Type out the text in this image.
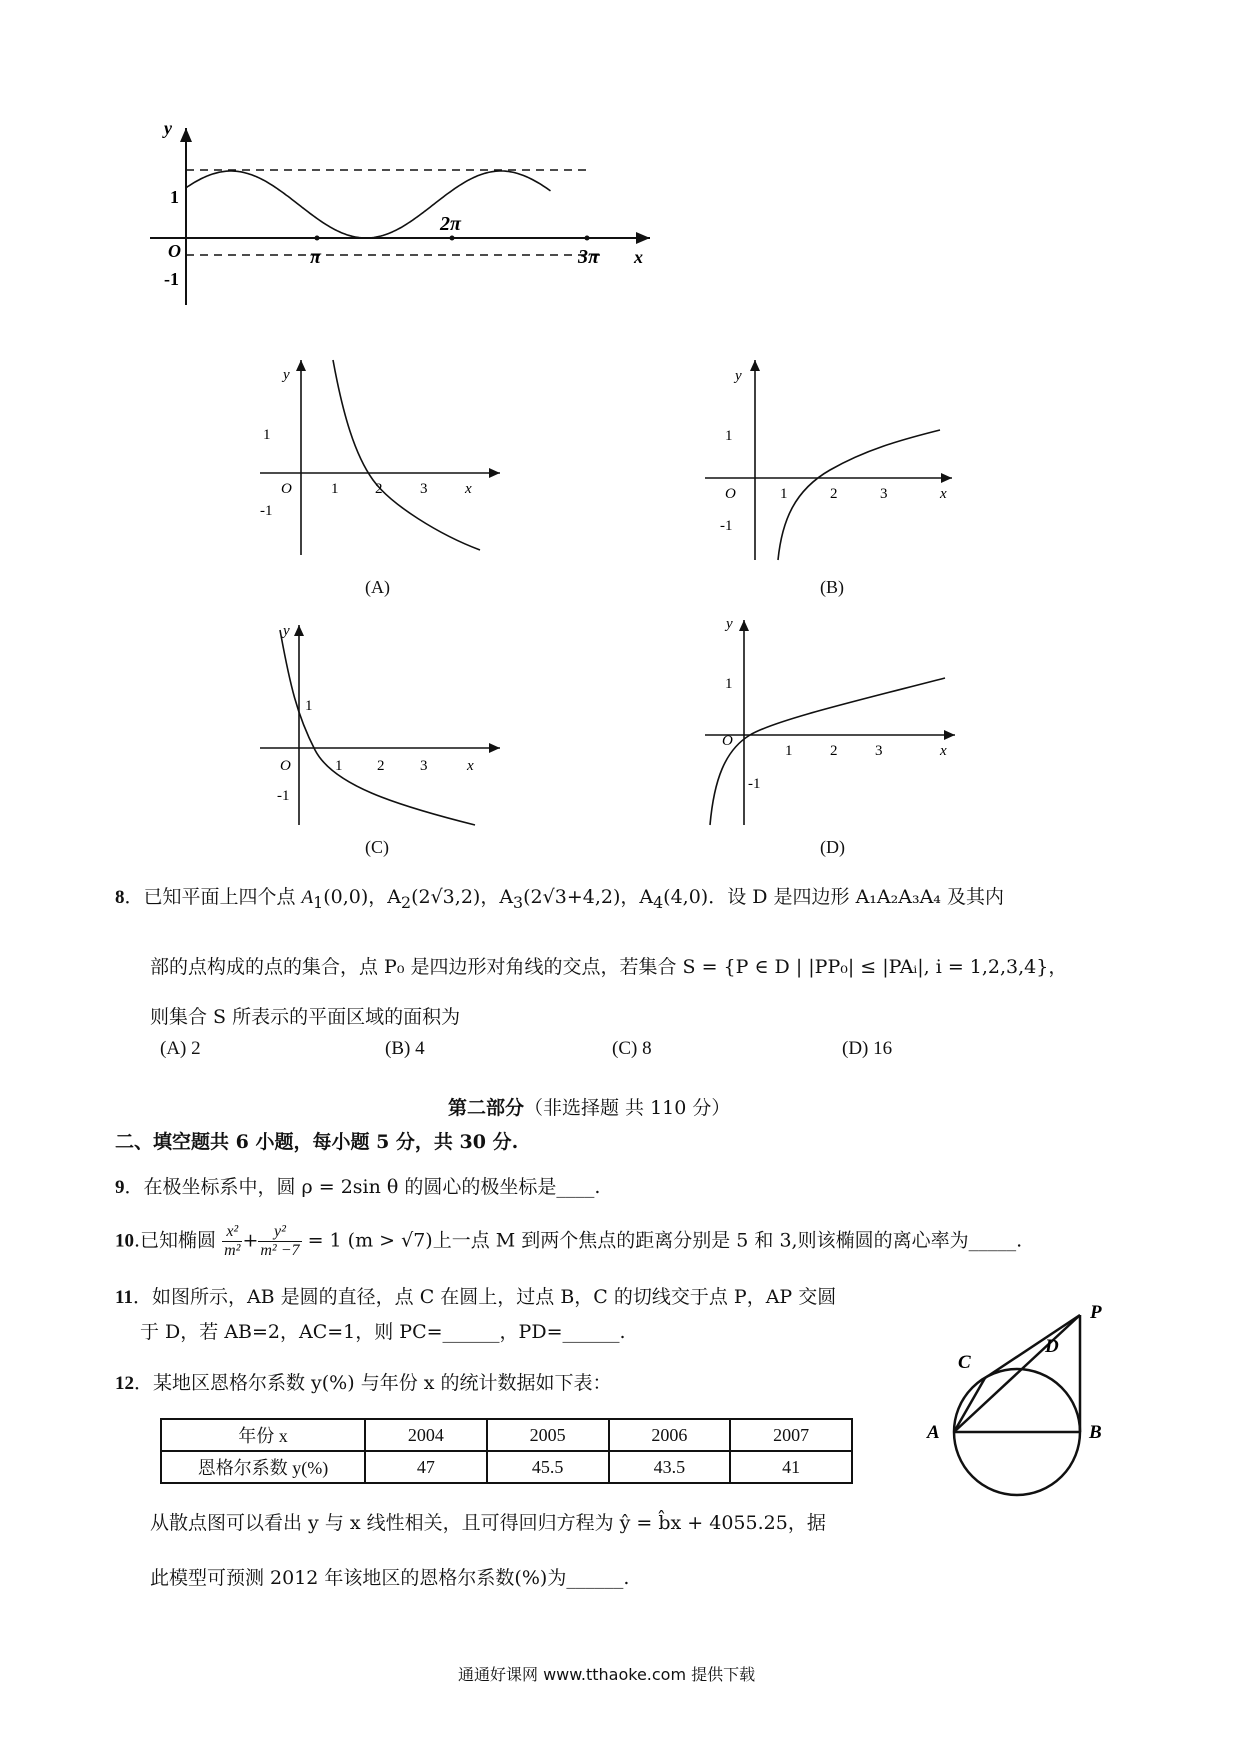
y
x
O
1
-1
π
2π
3π
y
1
O	1 2	3	x
-1
(A)
y
1
O	1	2	3	x
-1
(B)
y
1
O	1 2 3	x
-1
(C)
y
1
O
1	2	3	x
-1
(D)
8．已知平面上四个点 $A_1(0,0)$，$A_2(2√3,2)$，$A_3(2√3+4,2)$，$A_4(4,0)$．设 D 是四边形 A₁A₂A₃A₄ 及其内
部的点构成的点的集合，点 P₀ 是四边形对角线的交点，若集合 S = {P ∈ D | |PP₀| ≤ |PAᵢ|, i = 1,2,3,4}，
则集合 S 所表示的平面区域的面积为
(A) 2	(B) 4	(C) 8	(D) 16
第二部分（非选择题 共 110 分）
二、填空题共 6 小题，每小题 5 分，共 30 分.
9．在极坐标系中，圆 ρ = 2sin θ 的圆心的极坐标是____.
10.已知椭圆 $\frac{\text{x²}}{\text{m²}} + \frac{\text{y²}}{\text{m² −7}} = 1$ (m > √7)上一点 M 到两个焦点的距离分别是 5 和 3,则该椭圆的离心率为_____.
11．如图所示，AB 是圆的直径，点 C 在圆上，过点 B，C 的切线交于点 P，AP 交圆
于 D，若 AB=2，AC=1，则 PC=______，PD=______.
P
C
D
A	B
12．某地区恩格尔系数 y(%) 与年份 x 的统计数据如下表：
年份 x	2004	2005	2006	2007
恩格尔系数 y(%)	47	45.5	43.5	41
从散点图可以看出 y 与 x 线性相关，且可得回归方程为 ŷ = b̂x + 4055.25，据
此模型可预测 2012 年该地区的恩格尔系数(%)为______.
通通好课网 www.tthaoke.com 提供下载
